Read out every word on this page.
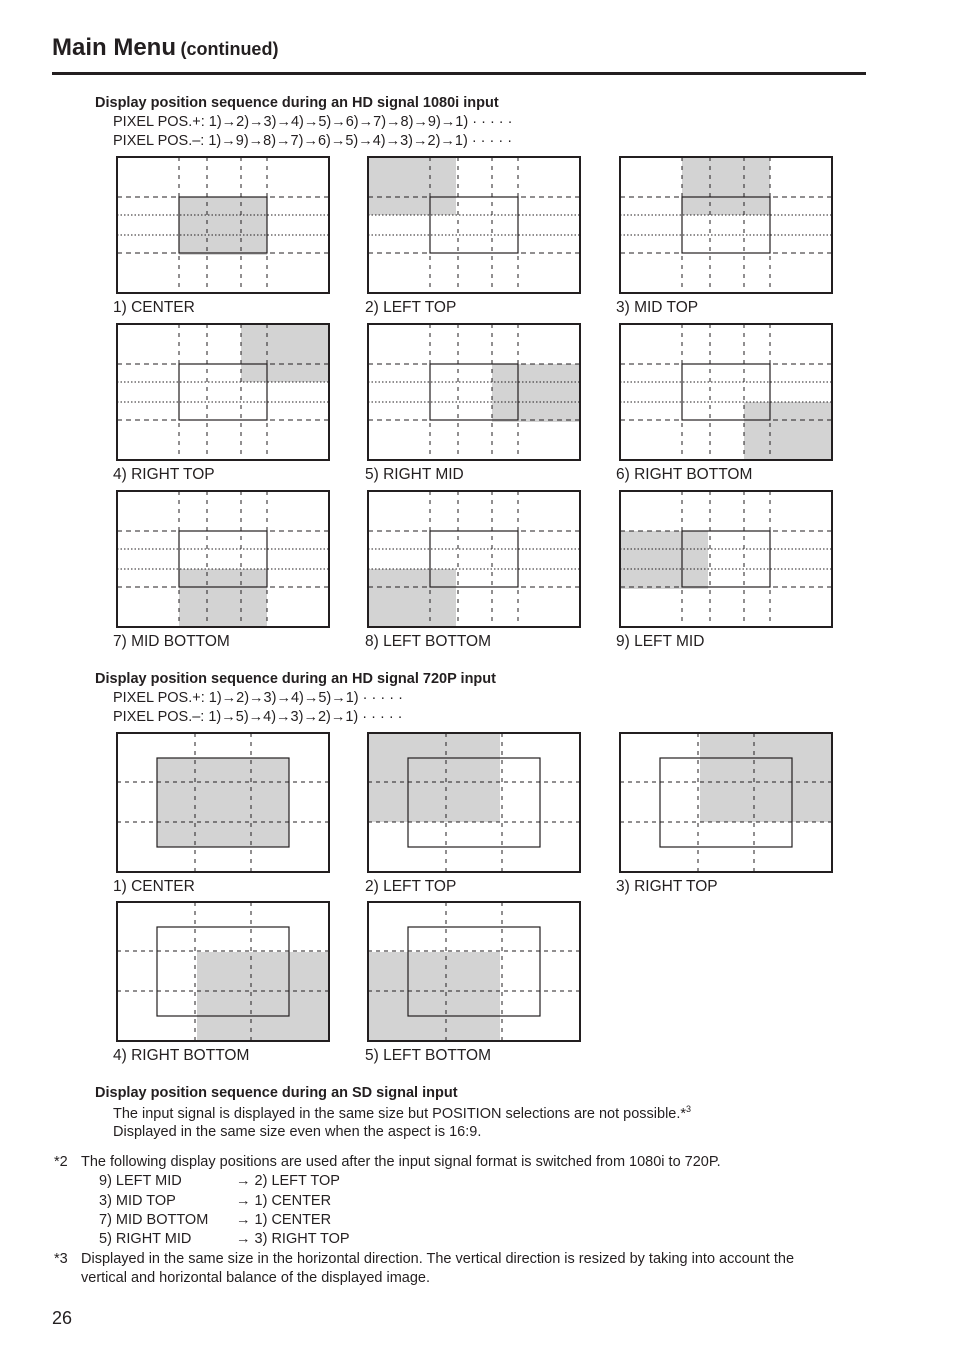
Main Menu (continued)
Display position sequence during an HD signal 1080i input
PIXEL POS.+: 1)→2)→3)→4)→5)→6)→7)→8)→9)→1) · · · · ·
PIXEL POS.–: 1)→9)→8)→7)→6)→5)→4)→3)→2)→1) · · · · ·
1) CENTER	2) LEFT TOP	3) MID TOP
4) RIGHT TOP	5) RIGHT MID	6) RIGHT BOTTOM
7) MID BOTTOM	8) LEFT BOTTOM	9) LEFT MID
Display position sequence during an HD signal 720P input
PIXEL POS.+: 1)→2)→3)→4)→5)→1) · · · · ·
PIXEL POS.–: 1)→5)→4)→3)→2)→1) · · · · ·
1) CENTER	2) LEFT TOP	3) RIGHT TOP
4) RIGHT BOTTOM	5) LEFT BOTTOM
Display position sequence during an SD signal input
The input signal is displayed in the same size but POSITION selections are not possible.*$^3$
Displayed in the same size even when the aspect is 16:9.
*2 The following display positions are used after the input signal format is switched from 1080i to 720P.
9) LEFT MID	→ 2) LEFT TOP
3) MID TOP	→ 1) CENTER
7) MID BOTTOM → 1) CENTER
5) RIGHT MID	→ 3) RIGHT TOP
*3 Displayed in the same size in the horizontal direction. The vertical direction is resized by taking into account the
vertical and horizontal balance of the displayed image.
26
